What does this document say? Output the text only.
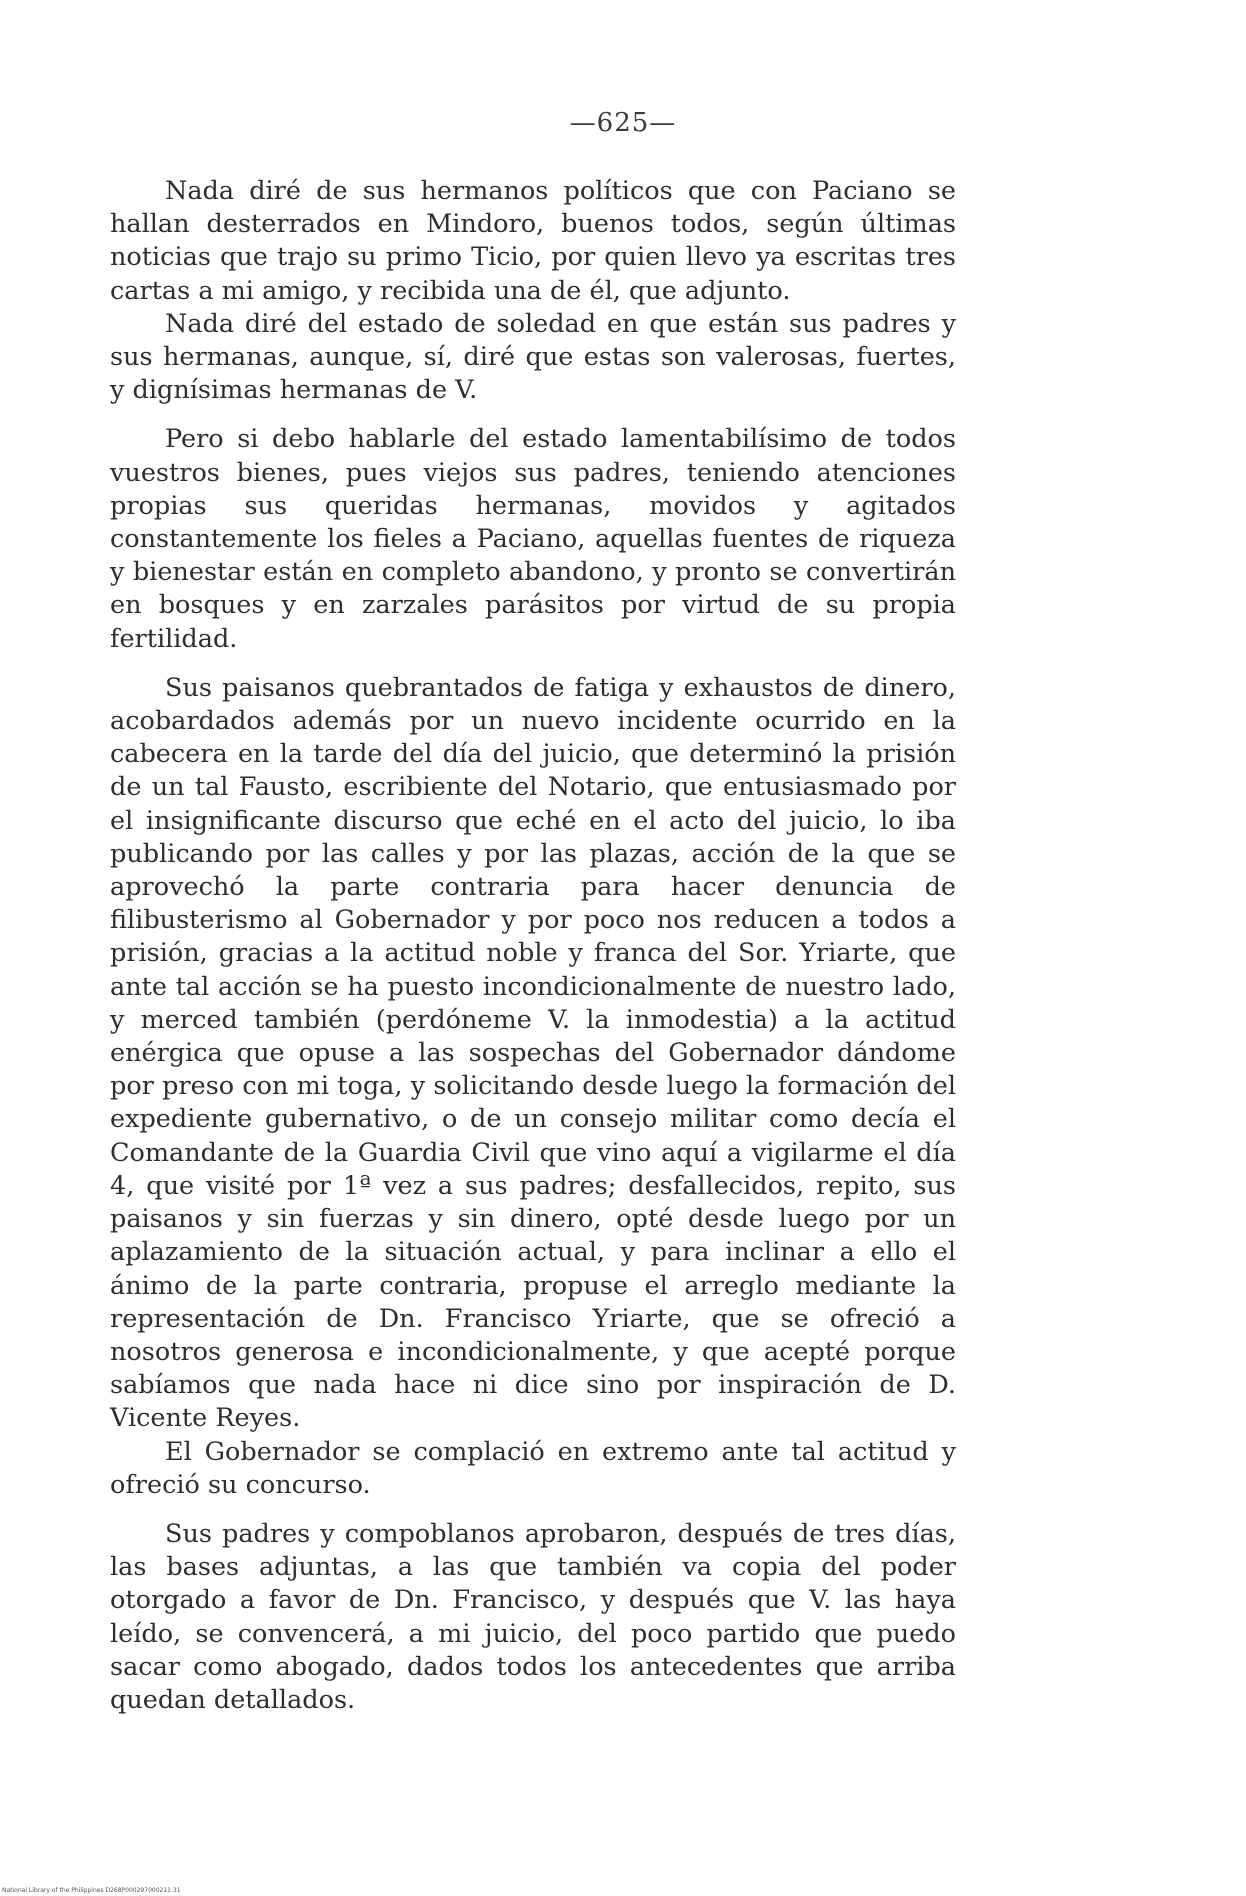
—625—

Nada diré de sus hermanos políticos que con Paciano se hallan desterrados en Mindoro, buenos todos, según últimas noticias que trajo su primo Ticio, por quien llevo ya escritas tres cartas a mi amigo, y recibida una de él, que adjunto.

Nada diré del estado de soledad en que están sus padres y sus hermanas, aunque, sí, diré que estas son valerosas, fuertes, y dignísimas hermanas de V.

Pero si debo hablarle del estado lamentabilísimo de todos vuestros bienes, pues viejos sus padres, teniendo atenciones propias sus queridas hermanas, movidos y agitados constantemente los fieles a Paciano, aquellas fuentes de riqueza y bienestar están en completo abandono, y pronto se convertirán en bosques y en zarzales parásitos por virtud de su propia fertilidad.

Sus paisanos quebrantados de fatiga y exhaustos de dinero, acobardados además por un nuevo incidente ocurrido en la cabecera en la tarde del día del juicio, que determinó la prisión de un tal Fausto, escribiente del Notario, que entusiasmado por el insignificante discurso que eché en el acto del juicio, lo iba publicando por las calles y por las plazas, acción de la que se aprovechó la parte contraria para hacer denuncia de filibusterismo al Gobernador y por poco nos reducen a todos a prisión, gracias a la actitud noble y franca del Sor. Yriarte, que ante tal acción se ha puesto incondicionalmente de nuestro lado, y merced también (perdóneme V. la inmodestia) a la actitud enérgica que opuse a las sospechas del Gobernador dándome por preso con mi toga, y solicitando desde luego la formación del expediente gubernativo, o de un consejo militar como decía el Comandante de la Guardia Civil que vino aquí a vigilarme el día 4, que visité por 1ª vez a sus padres; desfallecidos, repito, sus paisanos y sin fuerzas y sin dinero, opté desde luego por un aplazamiento de la situación actual, y para inclinar a ello el ánimo de la parte contraria, propuse el arreglo mediante la representación de Dn. Francisco Yriarte, que se ofreció a nosotros generosa e incondicionalmente, y que acepté porque sabíamos que nada hace ni dice sino por inspiración de D. Vicente Reyes.

El Gobernador se complació en extremo ante tal actitud y ofreció su concurso.

Sus padres y compoblanos aprobaron, después de tres días, las bases adjuntas, a las que también va copia del poder otorgado a favor de Dn. Francisco, y después que V. las haya leído, se convencerá, a mi juicio, del poco partido que puedo sacar como abogado, dados todos los antecedentes que arriba quedan detallados.

National Library of the Philippines D268P000297000211 31
